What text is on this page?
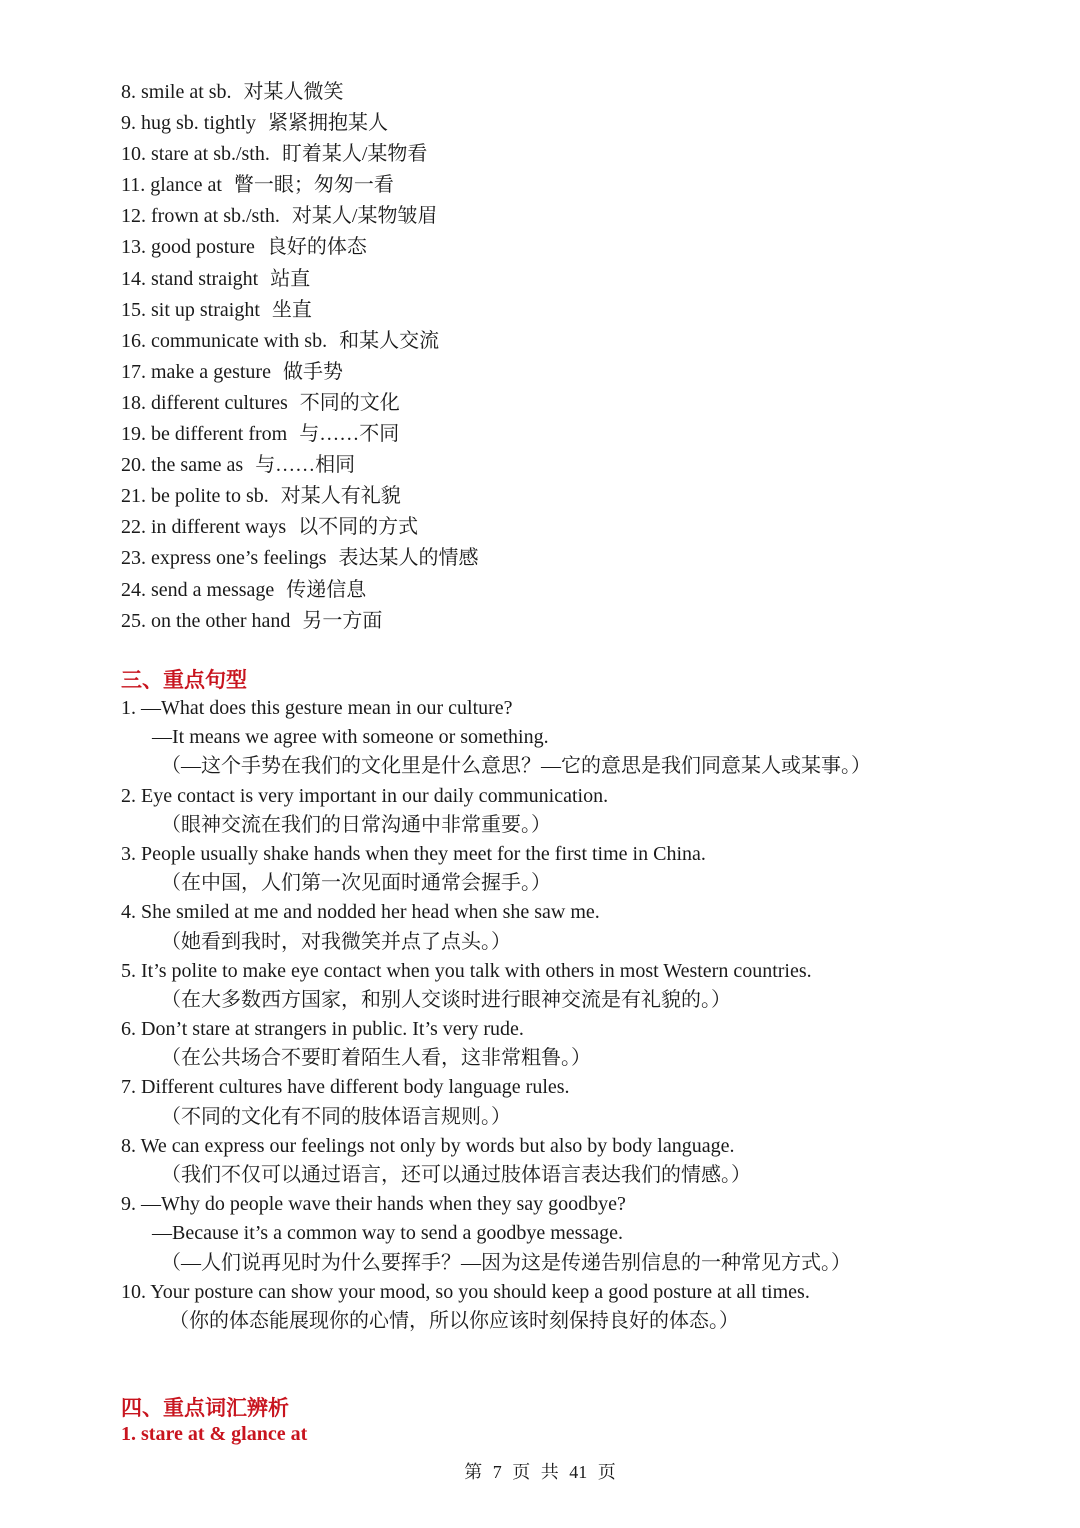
8. smile at sb. 对某人微笑
9. hug sb. tightly 紧紧拥抱某人
10. stare at sb./sth. 盯着某人/某物看
11. glance at 瞥一眼；匆匆一看
12. frown at sb./sth. 对某人/某物皱眉
13. good posture 良好的体态
14. stand straight 站直
15. sit up straight 坐直
16. communicate with sb. 和某人交流
17. make a gesture 做手势
18. different cultures 不同的文化
19. be different from 与……不同
20. the same as 与……相同
21. be polite to sb. 对某人有礼貌
22. in different ways 以不同的方式
23. express one’s feelings 表达某人的情感
24. send a message 传递信息
25. on the other hand 另一方面
三、重点句型
1. —What does this gesture mean in our culture?
—It means we agree with someone or something.
（—这个手势在我们的文化里是什么意思？—它的意思是我们同意某人或某事。）
2. Eye contact is very important in our daily communication.
（眼神交流在我们的日常沟通中非常重要。）
3. People usually shake hands when they meet for the first time in China.
（在中国，人们第一次见面时通常会握手。）
4. She smiled at me and nodded her head when she saw me.
（她看到我时，对我微笑并点了点头。）
5. It’s polite to make eye contact when you talk with others in most Western countries.
（在大多数西方国家，和别人交谈时进行眼神交流是有礼貌的。）
6. Don’t stare at strangers in public. It’s very rude.
（在公共场合不要盯着陌生人看，这非常粗鲁。）
7. Different cultures have different body language rules.
（不同的文化有不同的肢体语言规则。）
8. We can express our feelings not only by words but also by body language.
（我们不仅可以通过语言，还可以通过肢体语言表达我们的情感。）
9. —Why do people wave their hands when they say goodbye?
—Because it’s a common way to send a goodbye message.
（—人们说再见时为什么要挥手？—因为这是传递告别信息的一种常见方式。）
10. Your posture can show your mood, so you should keep a good posture at all times.
（你的体态能展现你的心情，所以你应该时刻保持良好的体态。）
四、重点词汇辨析
1. stare at & glance at
第 7 页 共 41 页
